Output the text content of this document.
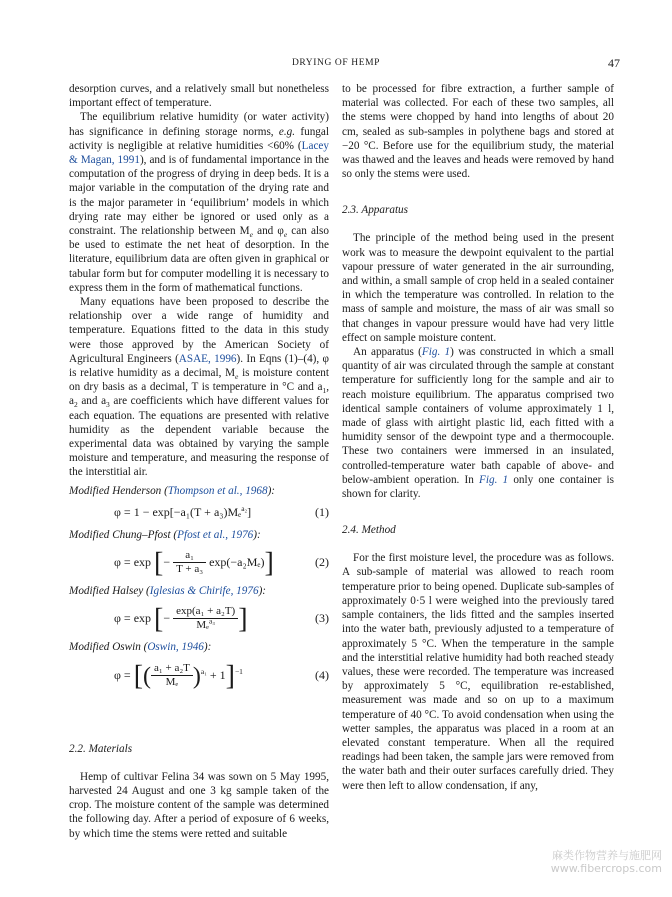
DRYING OF HEMP	47

desorption curves, and a relatively small but nonetheless important effect of temperature.

The equilibrium relative humidity (or water activity) has significance in defining storage norms, e.g. fungal activity is negligible at relative humidities <60% (Lacey & Magan, 1991), and is of fundamental importance in the computation of the progress of drying in deep beds. It is a major variable in the computation of the drying rate and is the major parameter in ‘equilibrium’ models in which drying rate may either be ignored or used only as a constraint. The relationship between $M_e$ and $\varphi_e$ can also be used to estimate the net heat of desorption. In the literature, equilibrium data are often given in graphical or tabular form but for computer modelling it is necessary to express them in the form of mathematical functions.

Many equations have been proposed to describe the relationship over a wide range of humidity and temperature. Equations fitted to the data in this study were those approved by the American Society of Agricultural Engineers (ASAE, 1996). In Eqns (1)–(4), φ is relative humidity as a decimal, $M_e$ is moisture content on dry basis as a decimal, T is temperature in °C and $a_1$, $a_2$ and $a_3$ are coefficients which have different values for each equation. The equations are presented with relative humidity as the dependent variable because the experimental data was obtained by varying the sample moisture and temperature, and measuring the response of the interstitial air.

Modified Henderson (Thompson et al., 1968):
φ = 1 − exp[−a₁(T + a₃)Mₑ$^{a_2}$]	(1)
Modified Chung–Pfost (Pfost et al., 1976):
φ = exp [− $\frac{\text{a₁}}{\text{T + a₃}} \exp(-a_2M_e)$]	(2)
Modified Halsey (Iglesias & Chirife, 1976):
φ = exp [− $\frac{\text{exp(a₁ + a₂T)}}{M_e^{a_3}}$ ]	(3)
Modified Oswin (Oswin, 1946):
φ = [( $\frac{\text{a₁ + a₂T}}{\text{Mₑ}} )^{a_1} + 1]^{-1}$	(4)

2.2. Materials

Hemp of cultivar Felina 34 was sown on 5 May 1995, harvested 24 August and one 3 kg sample taken of the crop. The moisture content of the sample was determined the following day. After a period of exposure of 6 weeks, by which time the stems were retted and suitable

to be processed for fibre extraction, a further sample of material was collected. For each of these two samples, all the stems were chopped by hand into lengths of about 20 cm, sealed as sub-samples in polythene bags and stored at −20 °C. Before use for the equilibrium study, the material was thawed and the leaves and heads were removed by hand so only the stems were used.

2.3. Apparatus

The principle of the method being used in the present work was to measure the dewpoint equivalent to the partial vapour pressure of water generated in the air surrounding, and within, a small sample of crop held in a sealed container in which the temperature was controlled. In relation to the mass of sample and moisture, the mass of air was small so that changes in vapour pressure would have had very little effect on sample moisture content.

An apparatus (Fig. 1) was constructed in which a small quantity of air was circulated through the sample at constant temperature for sufficiently long for the sample and air to reach moisture equilibrium. The apparatus comprised two identical sample containers of volume approximately 1 l, made of glass with airtight plastic lid, each fitted with a humidity sensor of the dewpoint type and a thermocouple. These two containers were immersed in an insulated, controlled-temperature water bath capable of above- and below-ambient operation. In Fig. 1 only one container is shown for clarity.

2.4. Method

For the first moisture level, the procedure was as follows. A sub-sample of material was allowed to reach room temperature prior to being opened. Duplicate sub-samples of approximately 0·5 l were weighed into the previously tared sample containers, the lids fitted and the samples inserted into the water bath, previously adjusted to a temperature of approximately 5 °C. When the temperature in the sample and the interstitial relative humidity had both reached steady values, these were recorded. The temperature was increased by approximately 5 °C, equilibration re-established, measurement was made and so on up to a maximum temperature of 40 °C. To avoid condensation when using the wetter samples, the apparatus was placed in a room at an elevated constant temperature. When all the required readings had been taken, the sample jars were removed from the water bath and their outer surfaces carefully dried. They were then left to allow condensation, if any,

麻类作物营养与施肥网
www.fibercrops.com
